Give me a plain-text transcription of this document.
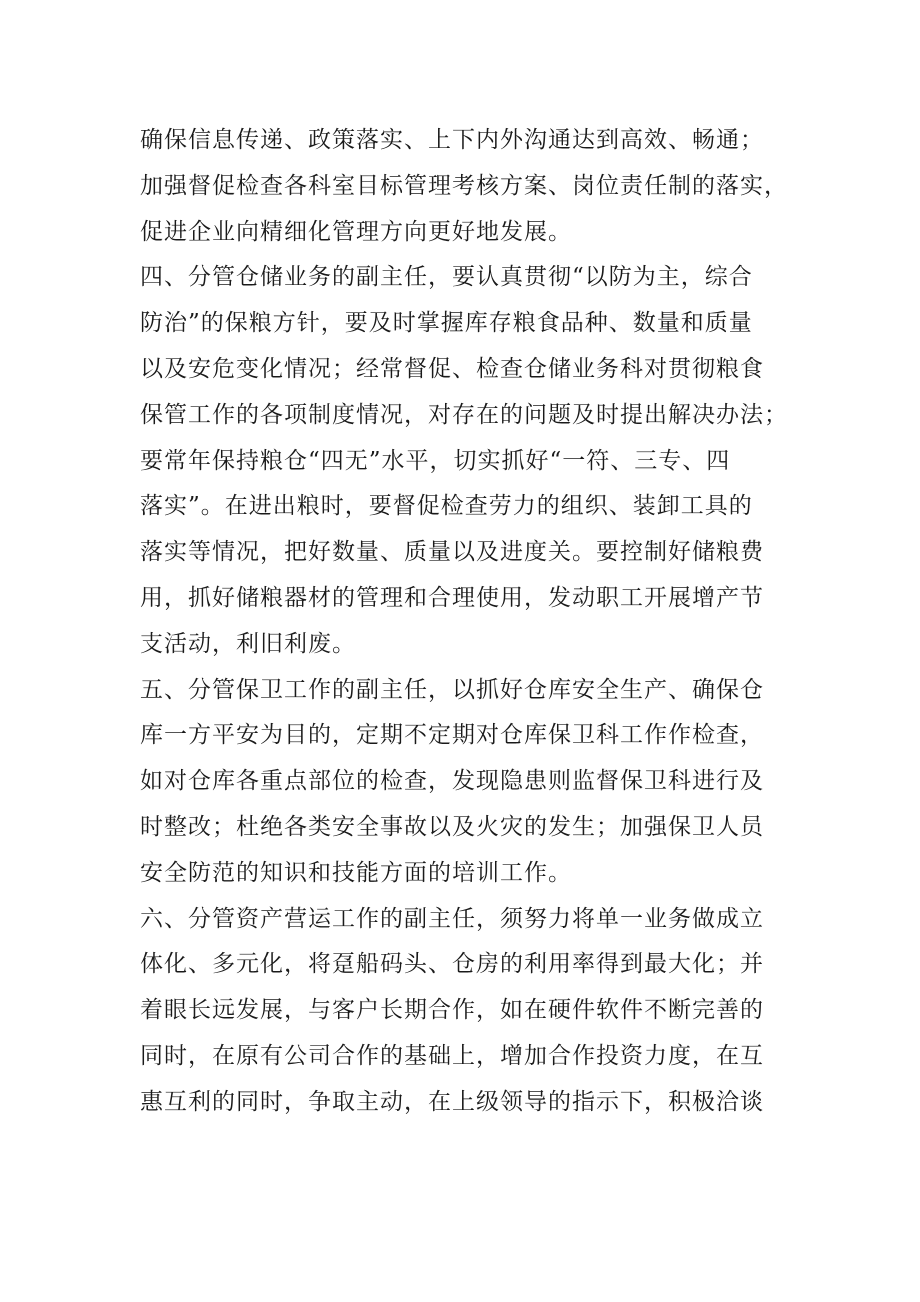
确保信息传递、政策落实、上下内外沟通达到高效、畅通；
加强督促检查各科室目标管理考核方案、岗位责任制的落实，
促进企业向精细化管理方向更好地发展。
四、分管仓储业务的副主任，要认真贯彻“以防为主，综合
防治”的保粮方针，要及时掌握库存粮食品种、数量和质量
以及安危变化情况；经常督促、检查仓储业务科对贯彻粮食
保管工作的各项制度情况，对存在的问题及时提出解决办法；
要常年保持粮仓“四无”水平，切实抓好“一符、三专、四
落实”。在进出粮时，要督促检查劳力的组织、装卸工具的
落实等情况，把好数量、质量以及进度关。要控制好储粮费
用，抓好储粮器材的管理和合理使用，发动职工开展增产节
支活动，利旧利废。
五、分管保卫工作的副主任，以抓好仓库安全生产、确保仓
库一方平安为目的，定期不定期对仓库保卫科工作作检查，
如对仓库各重点部位的检查，发现隐患则监督保卫科进行及
时整改；杜绝各类安全事故以及火灾的发生；加强保卫人员
安全防范的知识和技能方面的培训工作。
六、分管资产营运工作的副主任，须努力将单一业务做成立
体化、多元化，将趸船码头、仓房的利用率得到最大化；并
着眼长远发展，与客户长期合作，如在硬件软件不断完善的
同时，在原有公司合作的基础上，增加合作投资力度，在互
惠互利的同时，争取主动，在上级领导的指示下，积极洽谈
